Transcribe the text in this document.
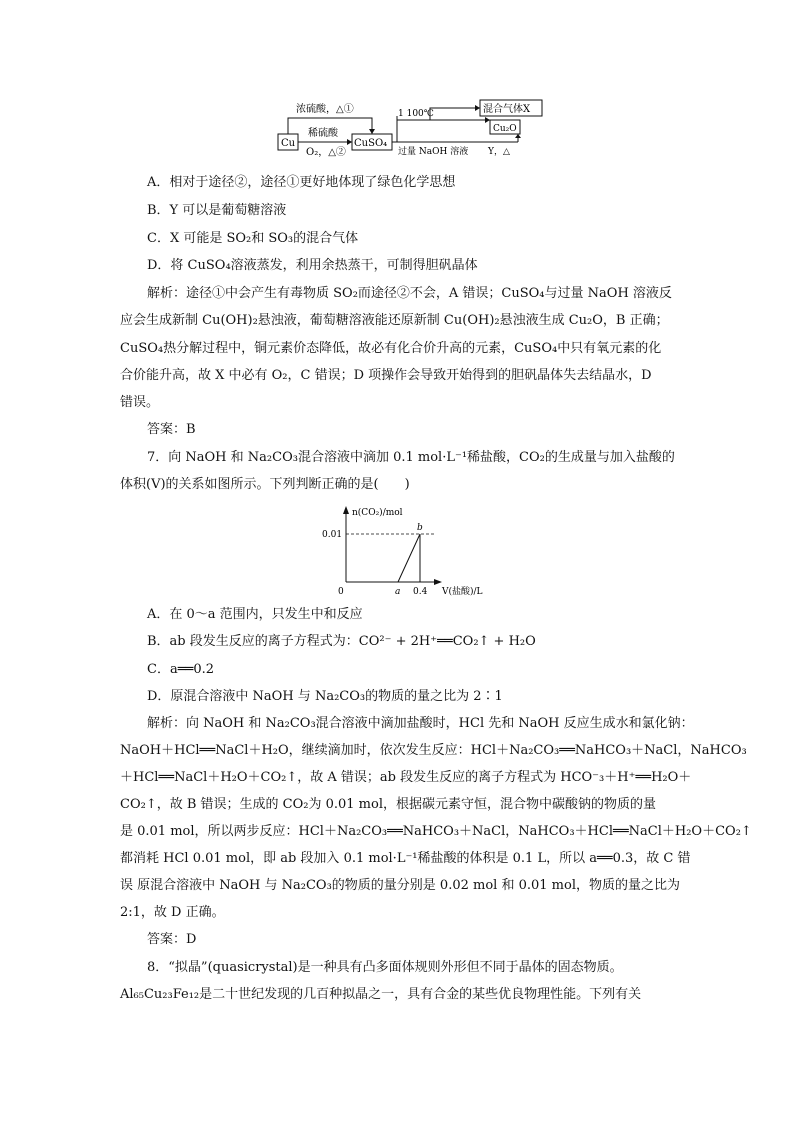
Cu	CuSO₄
浓硫酸，△①
稀硫酸
O₂，△②
1 100℃	混合气体X
Cu₂O
过量 NaOH 溶液 Y，△
A．相对于途径②，途径①更好地体现了绿色化学思想
B．Y 可以是葡萄糖溶液
C．X 可能是 SO₂和 SO₃的混合气体
D．将 CuSO₄溶液蒸发，利用余热蒸干，可制得胆矾晶体
解析：途径①中会产生有毒物质 SO₂而途径②不会，A 错误；CuSO₄与过量 NaOH 溶液反
应会生成新制 Cu(OH)₂悬浊液，葡萄糖溶液能还原新制 Cu(OH)₂悬浊液生成 Cu₂O，B 正确；
CuSO₄热分解过程中，铜元素价态降低，故必有化合价升高的元素，CuSO₄中只有氧元素的化
合价能升高，故 X 中必有 O₂，C 错误；D 项操作会导致开始得到的胆矾晶体失去结晶水，D
错误。
答案：B
7．向 NaOH 和 Na₂CO₃混合溶液中滴加 0.1 mol·L⁻¹稀盐酸，CO₂的生成量与加入盐酸的
体积(V)的关系如图所示。下列判断正确的是(　　)
n(CO₂)/mol
0.01
0	a 0.4
b
V(盐酸)/L
A．在 0～a 范围内，只发生中和反应
B．ab 段发生反应的离子方程式为：CO²⁻ + 2H⁺══CO₂↑ + H₂O
C．a══0.2
D．原混合溶液中 NaOH 与 Na₂CO₃的物质的量之比为 2∶1
解析：向 NaOH 和 Na₂CO₃混合溶液中滴加盐酸时，HCl 先和 NaOH 反应生成水和氯化钠：
NaOH＋HCl══NaCl＋H₂O，继续滴加时，依次发生反应：HCl＋Na₂CO₃══NaHCO₃＋NaCl，NaHCO₃
＋HCl══NaCl＋H₂O＋CO₂↑，故 A 错误；ab 段发生反应的离子方程式为 HCO⁻₃＋H⁺══H₂O＋
CO₂↑，故 B 错误；生成的 CO₂为 0.01 mol，根据碳元素守恒，混合物中碳酸钠的物质的量
是 0.01 mol，所以两步反应：HCl＋Na₂CO₃══NaHCO₃＋NaCl，NaHCO₃＋HCl══NaCl＋H₂O＋CO₂↑
都消耗 HCl 0.01 mol，即 ab 段加入 0.1 mol·L⁻¹稀盐酸的体积是 0.1 L，所以 a══0.3，故 C 错
误 原混合溶液中 NaOH 与 Na₂CO₃的物质的量分别是 0.02 mol 和 0.01 mol，物质的量之比为
2:1，故 D 正确。
答案：D
8．“拟晶”(quasicrystal)是一种具有凸多面体规则外形但不同于晶体的固态物质。
Al₆₅Cu₂₃Fe₁₂是二十世纪发现的几百种拟晶之一，具有合金的某些优良物理性能。下列有关
